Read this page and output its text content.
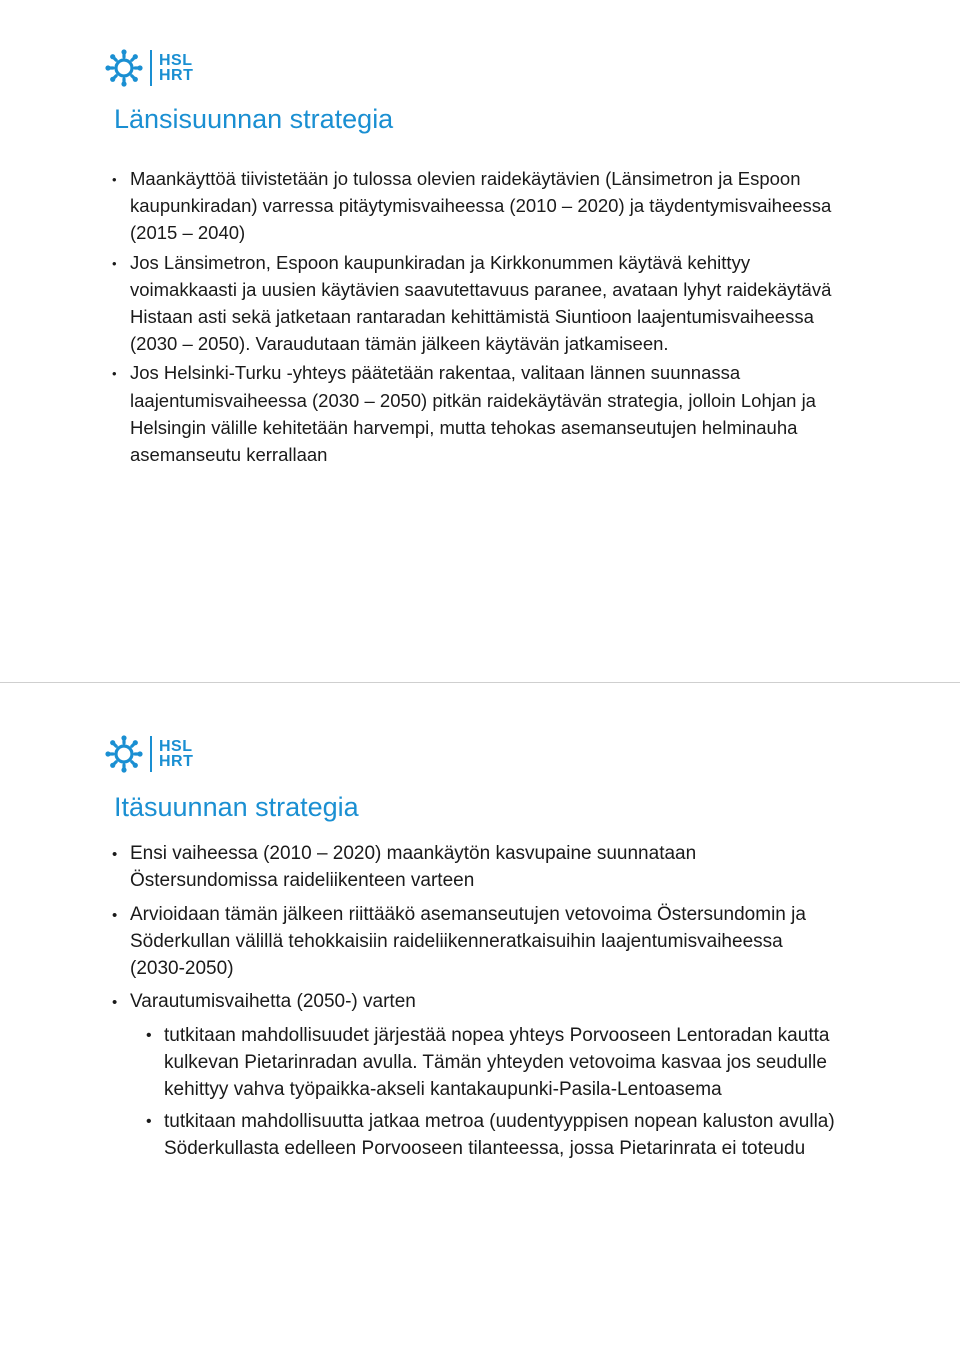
HSL
HRT
Länsisuunnan strategia
• Maankäyttöä tiivistetään jo tulossa olevien raidekäytävien (Länsimetron ja Espoon kaupunkiradan) varressa pitäytymisvaiheessa (2010 – 2020) ja täydentymisvaiheessa (2015 – 2040)
• Jos Länsimetron, Espoon kaupunkiradan ja Kirkkonummen käytävä kehittyy voimakkaasti ja uusien käytävien saavutettavuus paranee, avataan lyhyt raidekäytävä Histaan asti sekä jatketaan rantaradan kehittämistä Siuntioon laajentumisvaiheessa (2030 – 2050). Varaudutaan tämän jälkeen käytävän jatkamiseen.
• Jos Helsinki-Turku -yhteys päätetään rakentaa, valitaan lännen suunnassa laajentumisvaiheessa (2030 – 2050) pitkän raidekäytävän strategia, jolloin Lohjan ja Helsingin välille kehitetään harvempi, mutta tehokas asemanseutujen helminauha asemanseutu kerrallaan
HSL
HRT
Itäsuunnan strategia
• Ensi vaiheessa (2010 – 2020) maankäytön kasvupaine suunnataan Östersundomissa raideliikenteen varteen
• Arvioidaan tämän jälkeen riittääkö asemanseutujen vetovoima Östersundomin ja Söderkullan välillä tehokkaisiin raideliikenneratkaisuihin laajentumisvaiheessa (2030-2050)
• Varautumisvaihetta (2050-) varten
• tutkitaan mahdollisuudet järjestää nopea yhteys Porvooseen Lentoradan kautta kulkevan Pietarinradan avulla. Tämän yhteyden vetovoima kasvaa jos seudulle kehittyy vahva työpaikka-akseli kantakaupunki-Pasila-Lentoasema
• tutkitaan mahdollisuutta jatkaa metroa (uudentyyppisen nopean kaluston avulla) Söderkullasta edelleen Porvooseen tilanteessa, jossa Pietarinrata ei toteudu
